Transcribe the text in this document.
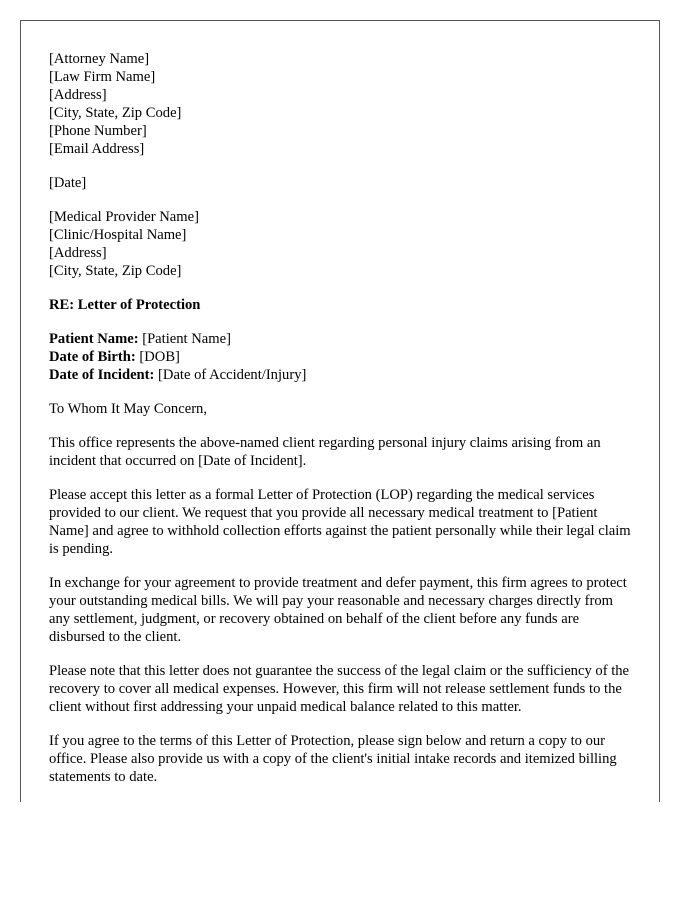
[Attorney Name]
[Law Firm Name]
[Address]
[City, State, Zip Code]
[Phone Number]
[Email Address]
[Date]
[Medical Provider Name]
[Clinic/Hospital Name]
[Address]
[City, State, Zip Code]
RE: Letter of Protection
Patient Name: [Patient Name]
Date of Birth: [DOB]
Date of Incident: [Date of Accident/Injury]

To Whom It May Concern,

This office represents the above-named client regarding personal injury claims arising from an incident that occurred on [Date of Incident].

Please accept this letter as a formal Letter of Protection (LOP) regarding the medical services provided to our client. We request that you provide all necessary medical treatment to [Patient Name] and agree to withhold collection efforts against the patient personally while their legal claim is pending.

In exchange for your agreement to provide treatment and defer payment, this firm agrees to protect your outstanding medical bills. We will pay your reasonable and necessary charges directly from any settlement, judgment, or recovery obtained on behalf of the client before any funds are disbursed to the client.

Please note that this letter does not guarantee the success of the legal claim or the sufficiency of the recovery to cover all medical expenses. However, this firm will not release settlement funds to the client without first addressing your unpaid medical balance related to this matter.

If you agree to the terms of this Letter of Protection, please sign below and return a copy to our office. Please also provide us with a copy of the client's initial intake records and itemized billing statements to date.
